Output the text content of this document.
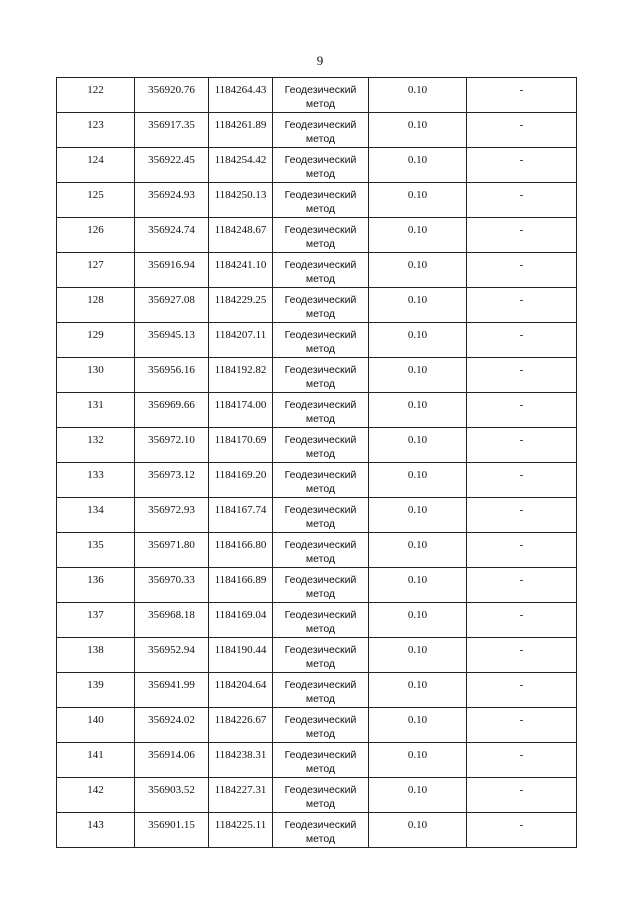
9
122	356920.76	1184264.43	Геодезический
метод	0.10	-
123	356917.35	1184261.89	Геодезический
метод	0.10	-
124	356922.45	1184254.42	Геодезический
метод	0.10	-
125	356924.93	1184250.13	Геодезический
метод	0.10	-
126	356924.74	1184248.67	Геодезический
метод	0.10	-
127	356916.94	1184241.10	Геодезический
метод	0.10	-
128	356927.08	1184229.25	Геодезический
метод	0.10	-
129	356945.13	1184207.11	Геодезический
метод	0.10	-
130	356956.16	1184192.82	Геодезический
метод	0.10	-
131	356969.66	1184174.00	Геодезический
метод	0.10	-
132	356972.10	1184170.69	Геодезический
метод	0.10	-
133	356973.12	1184169.20	Геодезический
метод	0.10	-
134	356972.93	1184167.74	Геодезический
метод	0.10	-
135	356971.80	1184166.80	Геодезический
метод	0.10	-
136	356970.33	1184166.89	Геодезический
метод	0.10	-
137	356968.18	1184169.04	Геодезический
метод	0.10	-
138	356952.94	1184190.44	Геодезический
метод	0.10	-
139	356941.99	1184204.64	Геодезический
метод	0.10	-
140	356924.02	1184226.67	Геодезический
метод	0.10	-
141	356914.06	1184238.31	Геодезический
метод	0.10	-
142	356903.52	1184227.31	Геодезический
метод	0.10	-
143	356901.15	1184225.11	Геодезический
метод	0.10	-
